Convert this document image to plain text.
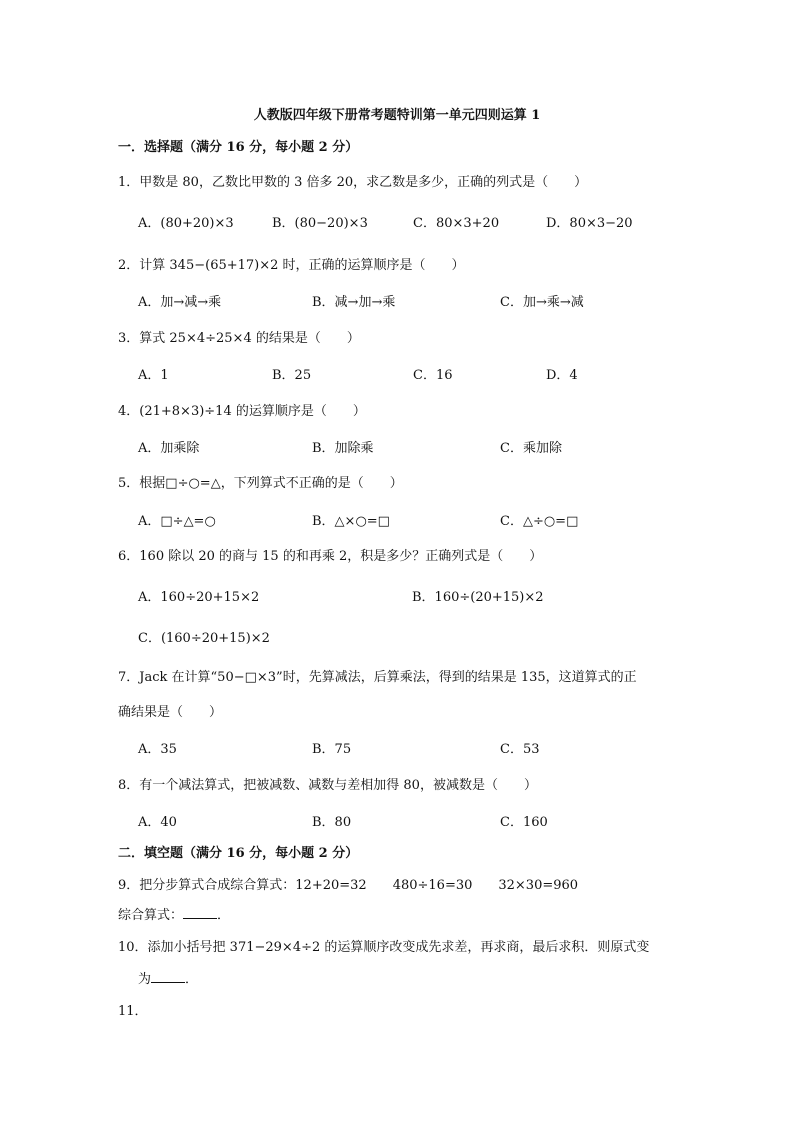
人教版四年级下册常考题特训第一单元四则运算 1
一．选择题（满分 16 分，每小题 2 分）
1．甲数是 80，乙数比甲数的 3 倍多 20，求乙数是多少，正确的列式是（　　）
A．(80+20)×3	B．(80−20)×3	C．80×3+20	D．80×3−20
2．计算 345−(65+17)×2 时，正确的运算顺序是（　　）
A．加→减→乘	B．减→加→乘	C．加→乘→减
3．算式 25×4÷25×4 的结果是（　　）
A．1	B．25	C．16	D．4
4．(21+8×3)÷14 的运算顺序是（　　）
A．加乘除	B．加除乘	C．乘加除
5．根据□÷○=△，下列算式不正确的是（　　）
A．□÷△=○	B．△×○=□	C．△÷○=□
6．160 除以 20 的商与 15 的和再乘 2，积是多少？正确列式是（　　）
A．160÷20+15×2	B．160÷(20+15)×2
C．(160÷20+15)×2
7．Jack 在计算“50−□×3”时，先算减法，后算乘法，得到的结果是 135，这道算式的正
确结果是（　　）
A．35	B．75	C．53
8．有一个减法算式，把被减数、减数与差相加得 80，被减数是（　　）
A．40	B．80	C．160
二．填空题（满分 16 分，每小题 2 分）
9．把分步算式合成综合算式：12+20=32　　480÷16=30　　32×30=960
综合算式：	．
10．添加小括号把 371−29×4÷2 的运算顺序改变成先求差，再求商，最后求积．则原式变
为	．
11．
